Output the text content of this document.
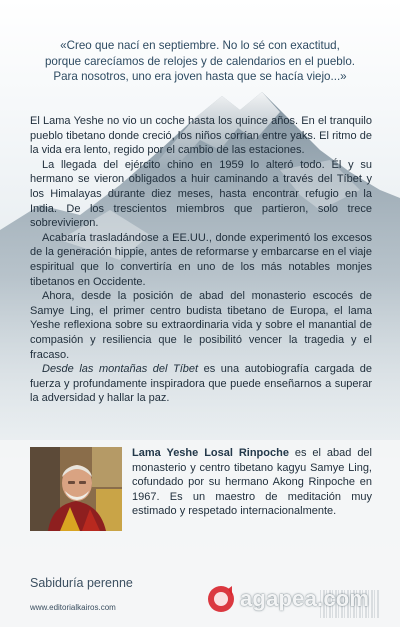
«Creo que nací en septiembre. No lo sé con exactitud,
porque carecíamos de relojes y de calendarios en el pueblo.
Para nosotros, uno era joven hasta que se hacía viejo...»

El Lama Yeshe no vio un coche hasta los quince años. En el tranquilo pueblo tibetano donde creció, los niños corrían entre yaks. El ritmo de la vida era lento, regido por el cambio de las estaciones.

La llegada del ejército chino en 1959 lo alteró todo. Él y su hermano se vieron obligados a huir caminando a través del Tíbet y los Himalayas durante diez meses, hasta encontrar refugio en la India. De los trescientos miembros que partieron, solo trece sobrevivieron.

Acabaría trasladándose a EE.UU., donde experimentó los excesos de la generación hippie, antes de reformarse y embarcarse en el viaje espiritual que lo convertiría en uno de los más notables monjes tibetanos en Occidente.

Ahora, desde la posición de abad del monasterio escocés de Samye Ling, el primer centro budista tibetano de Europa, el lama Yeshe reflexiona sobre su extraordinaria vida y sobre el manantial de compasión y resiliencia que le posibilitó vencer la tragedia y el fracaso.

Desde las montañas del Tíbet es una autobiografía cargada de fuerza y profundamente inspiradora que puede enseñarnos a superar la adversidad y hallar la paz.

Lama Yeshe Losal Rinpoche es el abad del monasterio y centro tibetano kagyu Samye Ling, cofundado por su hermano Akong Rinpoche en 1967. Es un maestro de meditación muy estimado y respetado internacionalmente.
Sabiduría perenne
www.editorialkairos.com	agapea.com
